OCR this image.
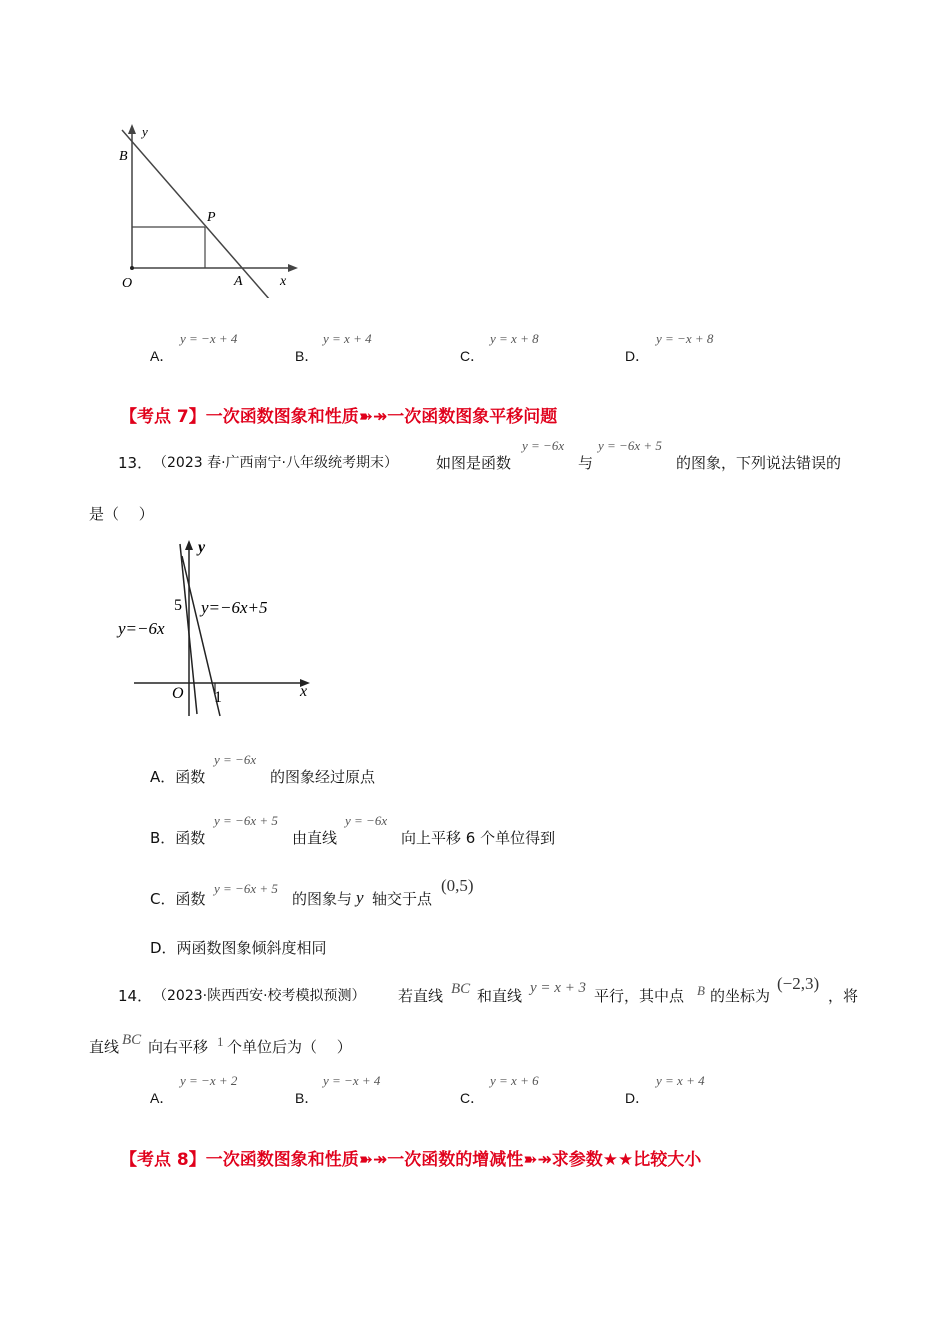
y
x
B
P
O	A
A．
y = −x + 4
B．
y = x + 4
C．
y = x + 8
D．
y = −x + 8
【考点 7】一次函数图象和性质➽↠一次函数图象平移问题
13． （2023 春·广西南宁·八年级统考期末）	如图是函数
y = −6x
与
y = −6x + 5
的图象，下列说法错误的
是（　 ）
y
x
5
1
O
y=−6x
y=−6x+5
A．函数
y = −6x
的图象经过原点
B．函数
y = −6x + 5
由直线
y = −6x
向上平移 6 个单位得到
C．函数
y = −6x + 5
的图象与 y 轴交于点
(0,5)
D．两函数图象倾斜度相同
14． （2023·陕西西安·校考模拟预测） 若直线 BC 和直线 y = x + 3 平行，其中点 B 的坐标为
(−2,3)
，将
直线 BC 向右平移 1 个单位后为（　 ）
A．
y = −x + 2
B．
y = −x + 4
C．
y = x + 6
D．
y = x + 4
【考点 8】一次函数图象和性质➽↠一次函数的增减性➽↠求参数★★比较大小
